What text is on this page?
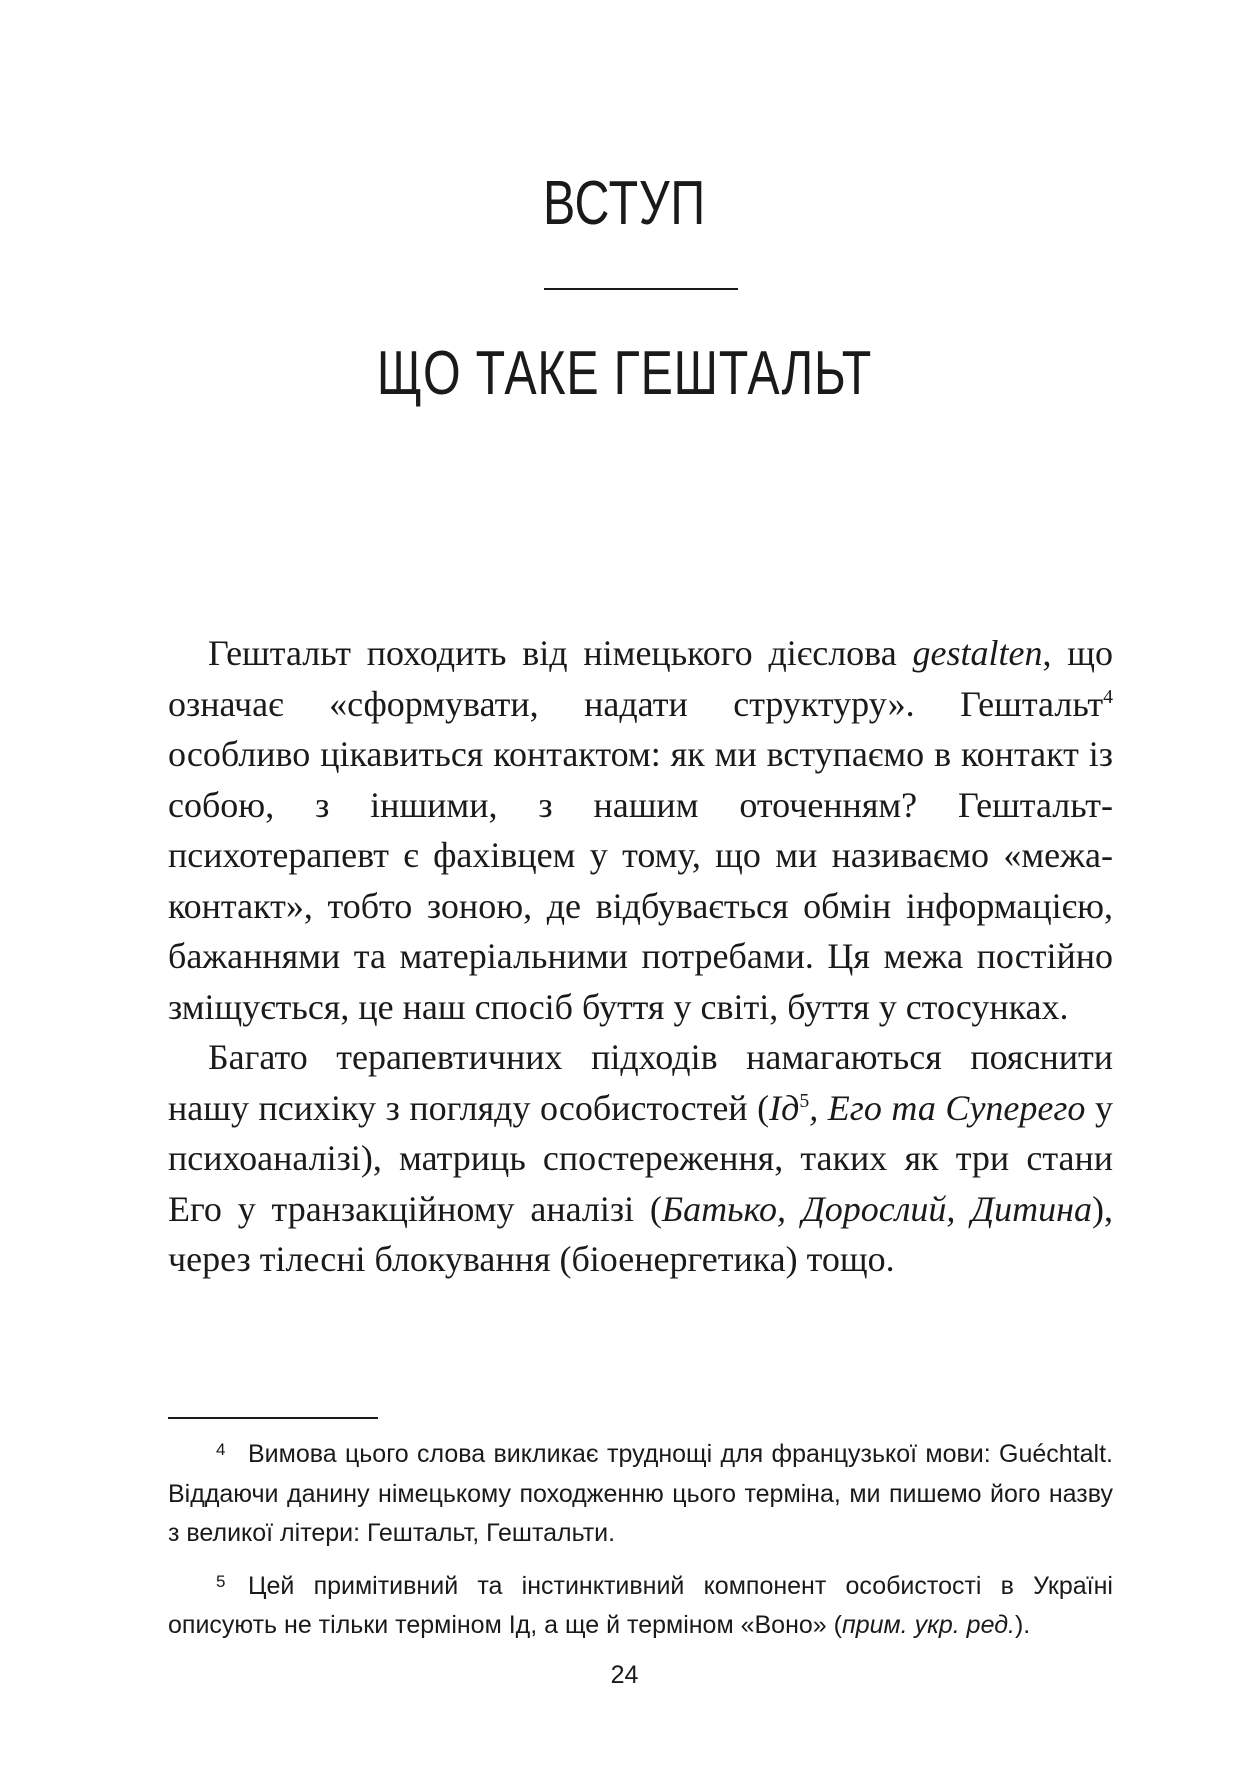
ВСТУП
ЩО ТАКЕ ГЕШТАЛЬТ

Гештальт походить від німецького дієслова gestalten, що означає «сформувати, надати структуру». Гештальт$^4$ особливо цікавиться контактом: як ми вступаємо в контакт із собою, з іншими, з нашим оточенням? Гештальт-психотерапевт є фахівцем у тому, що ми називаємо «межа-контакт», тобто зоною, де відбувається обмін інформацією, бажаннями та матеріальними потребами. Ця межа постійно зміщується, це наш спосіб буття у світі, буття у стосунках.

Багато терапевтичних підходів намагаються пояснити нашу психіку з погляду особистостей ($Ід^5$, Его та Суперего у психоаналізі), матриць спостереження, таких як три стани Его у транзакційному аналізі (Батько, Дорослий, Дитина), через тілесні блокування (біоенергетика) тощо.

4 Вимова цього слова викликає труднощі для французької мови: Guéchtalt. Віддаючи данину німецькому походженню цього терміна, ми пишемо його назву з великої літери: Гештальт, Гештальти.

5 Цей примітивний та інстинктивний компонент особистості в Україні описують не тільки терміном Ід, а ще й терміном «Воно» (прим. укр. ред.).

24
